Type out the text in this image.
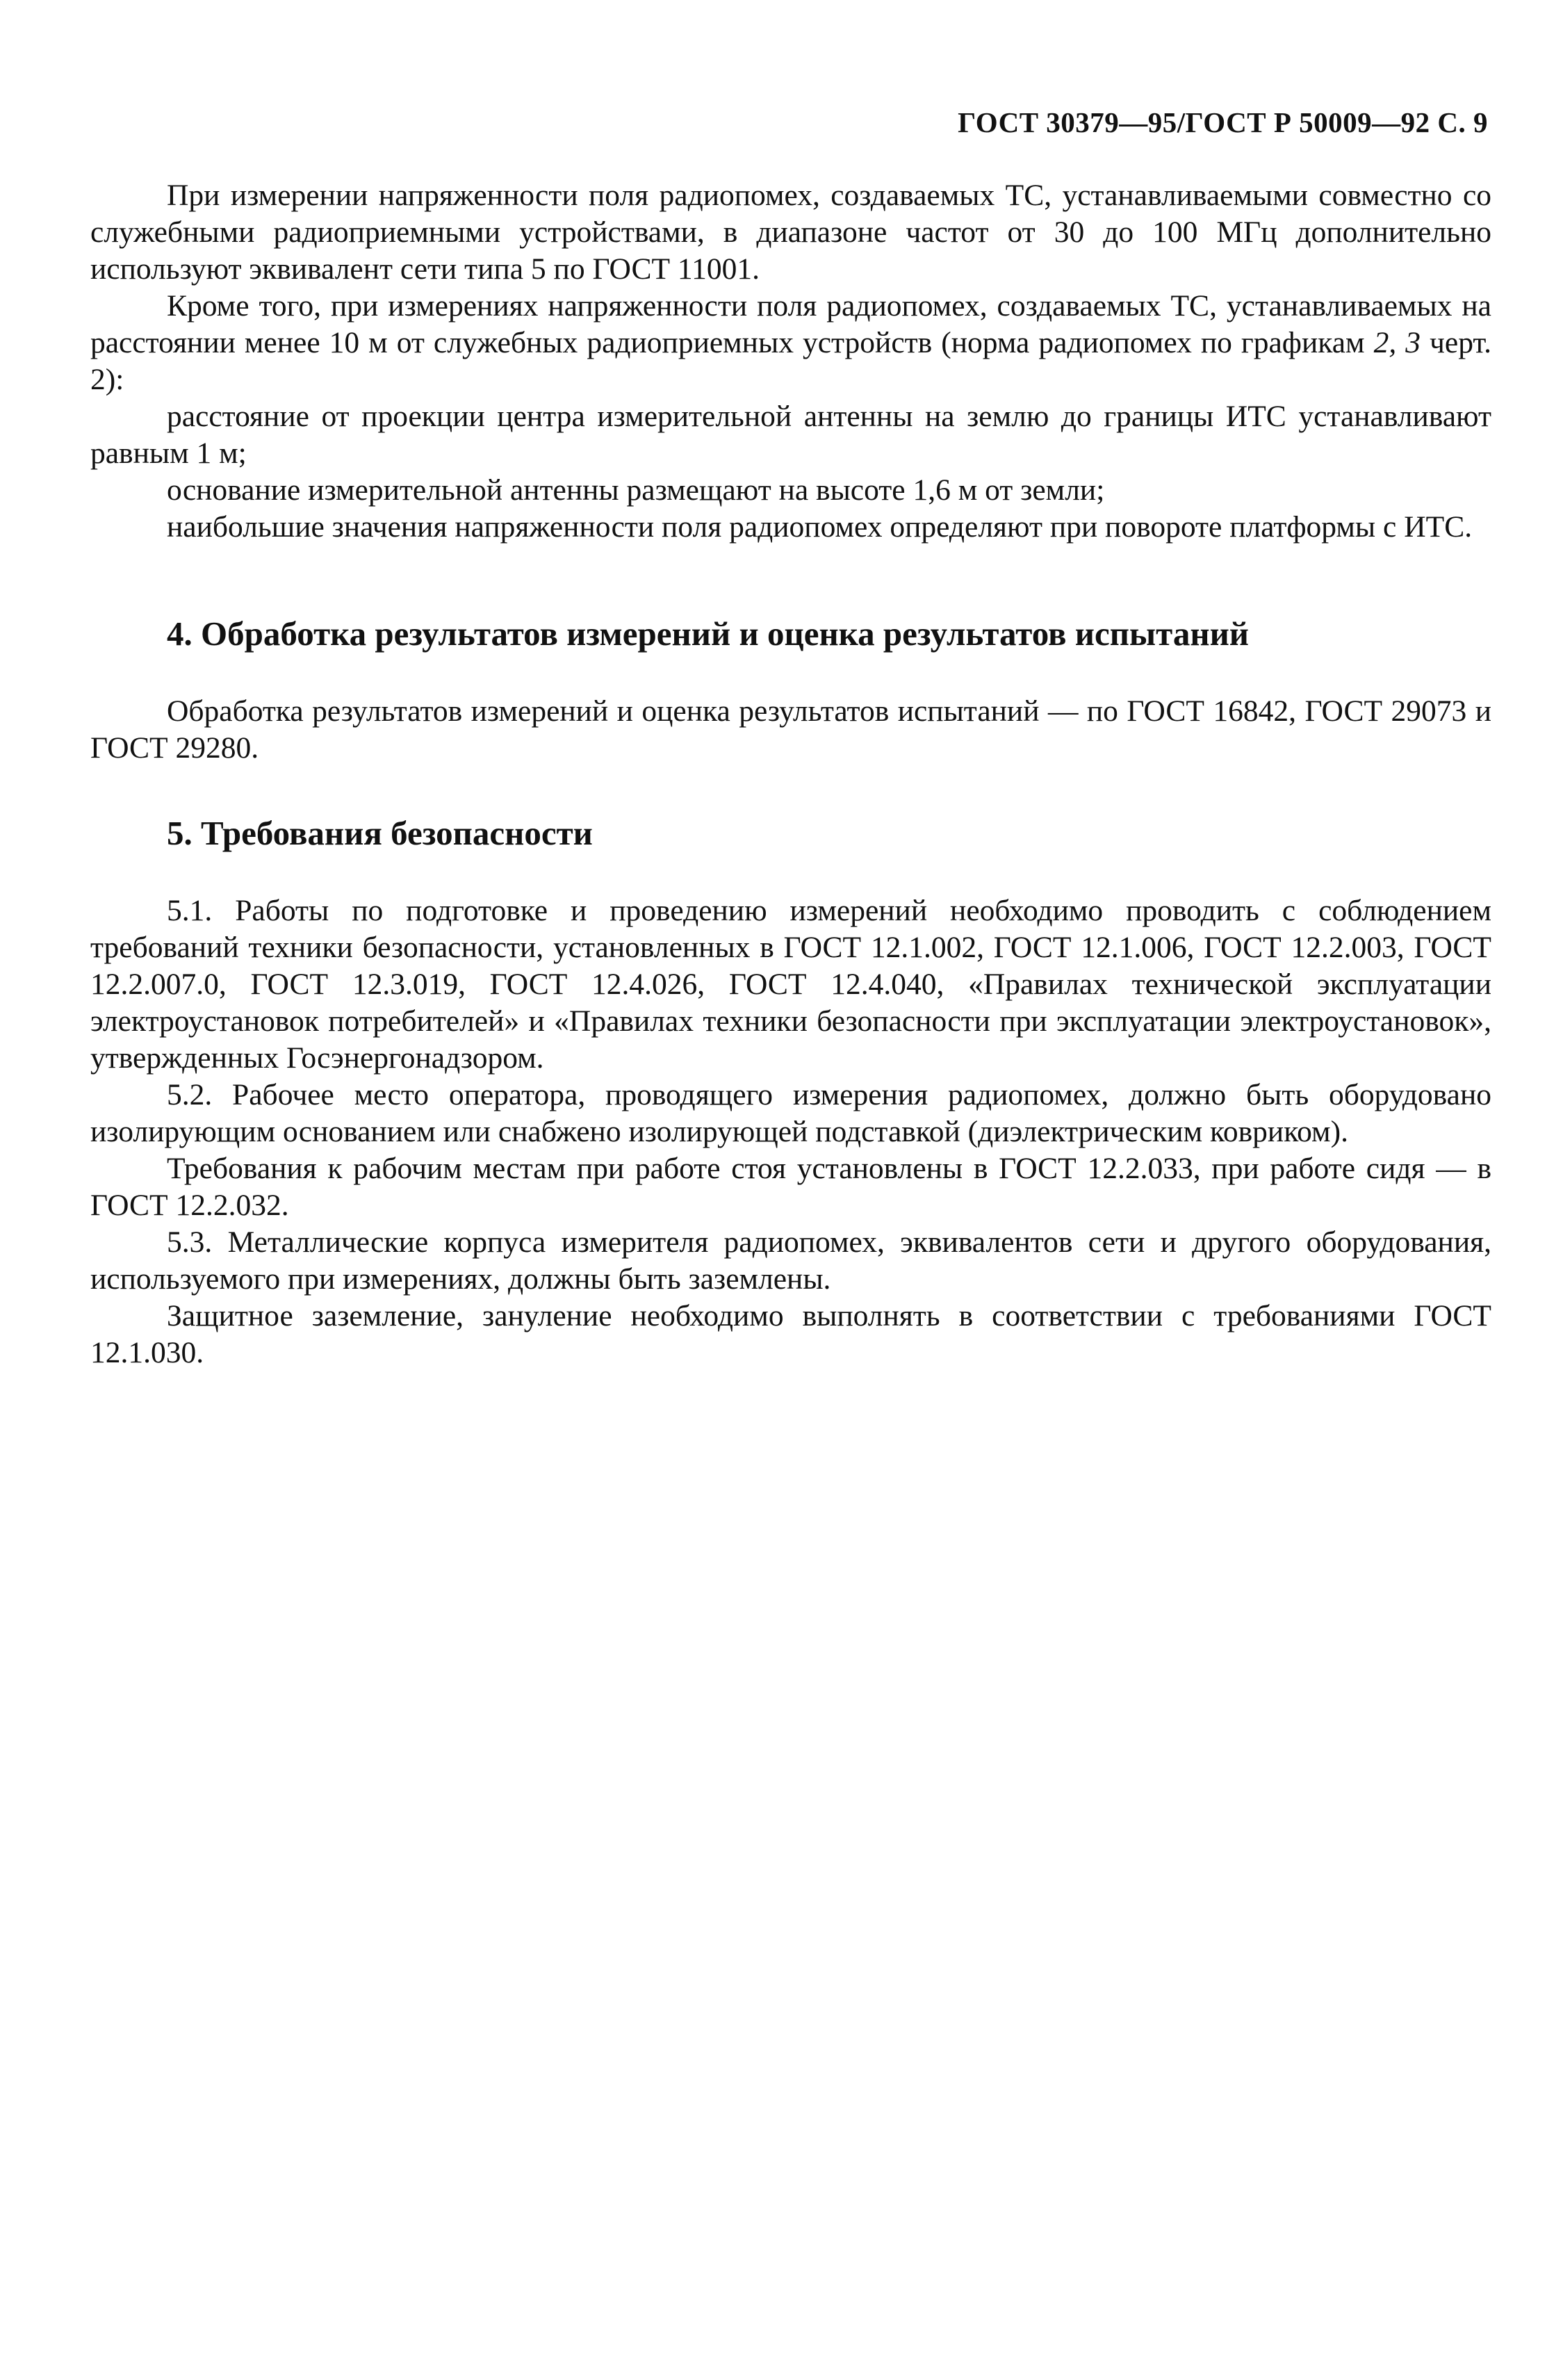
ГОСТ 30379—95/ГОСТ Р 50009—92 С. 9

При измерении напряженности поля радиопомех, создаваемых ТС, устанавливаемыми совместно со служебными радиоприемными устройствами, в диапазоне частот от 30 до 100 МГц дополнительно используют эквивалент сети типа 5 по ГОСТ 11001.

Кроме того, при измерениях напряженности поля радиопомех, создаваемых ТС, устанавливаемых на расстоянии менее 10 м от служебных радиоприемных устройств (норма радиопомех по графикам 2, 3 черт. 2):

расстояние от проекции центра измерительной антенны на землю до границы ИТС устанавливают равным 1 м;

основание измерительной антенны размещают на высоте 1,6 м от земли;

наибольшие значения напряженности поля радиопомех определяют при повороте платформы с ИТС.

4. Обработка результатов измерений и оценка результатов испытаний

Обработка результатов измерений и оценка результатов испытаний — по ГОСТ 16842, ГОСТ 29073 и ГОСТ 29280.

5. Требования безопасности

5.1. Работы по подготовке и проведению измерений необходимо проводить с соблюдением требований техники безопасности, установленных в ГОСТ 12.1.002, ГОСТ 12.1.006, ГОСТ 12.2.003, ГОСТ 12.2.007.0, ГОСТ 12.3.019, ГОСТ 12.4.026, ГОСТ 12.4.040, «Правилах технической эксплуатации электроустановок потребителей» и «Правилах техники безопасности при эксплуатации электроустановок», утвержденных Госэнергонадзором.

5.2. Рабочее место оператора, проводящего измерения радиопомех, должно быть оборудовано изолирующим основанием или снабжено изолирующей подставкой (диэлектрическим ковриком).

Требования к рабочим местам при работе стоя установлены в ГОСТ 12.2.033, при работе сидя — в ГОСТ 12.2.032.

5.3. Металлические корпуса измерителя радиопомех, эквивалентов сети и другого оборудования, используемого при измерениях, должны быть заземлены.

Защитное заземление, зануление необходимо выполнять в соответствии с требованиями ГОСТ 12.1.030.
